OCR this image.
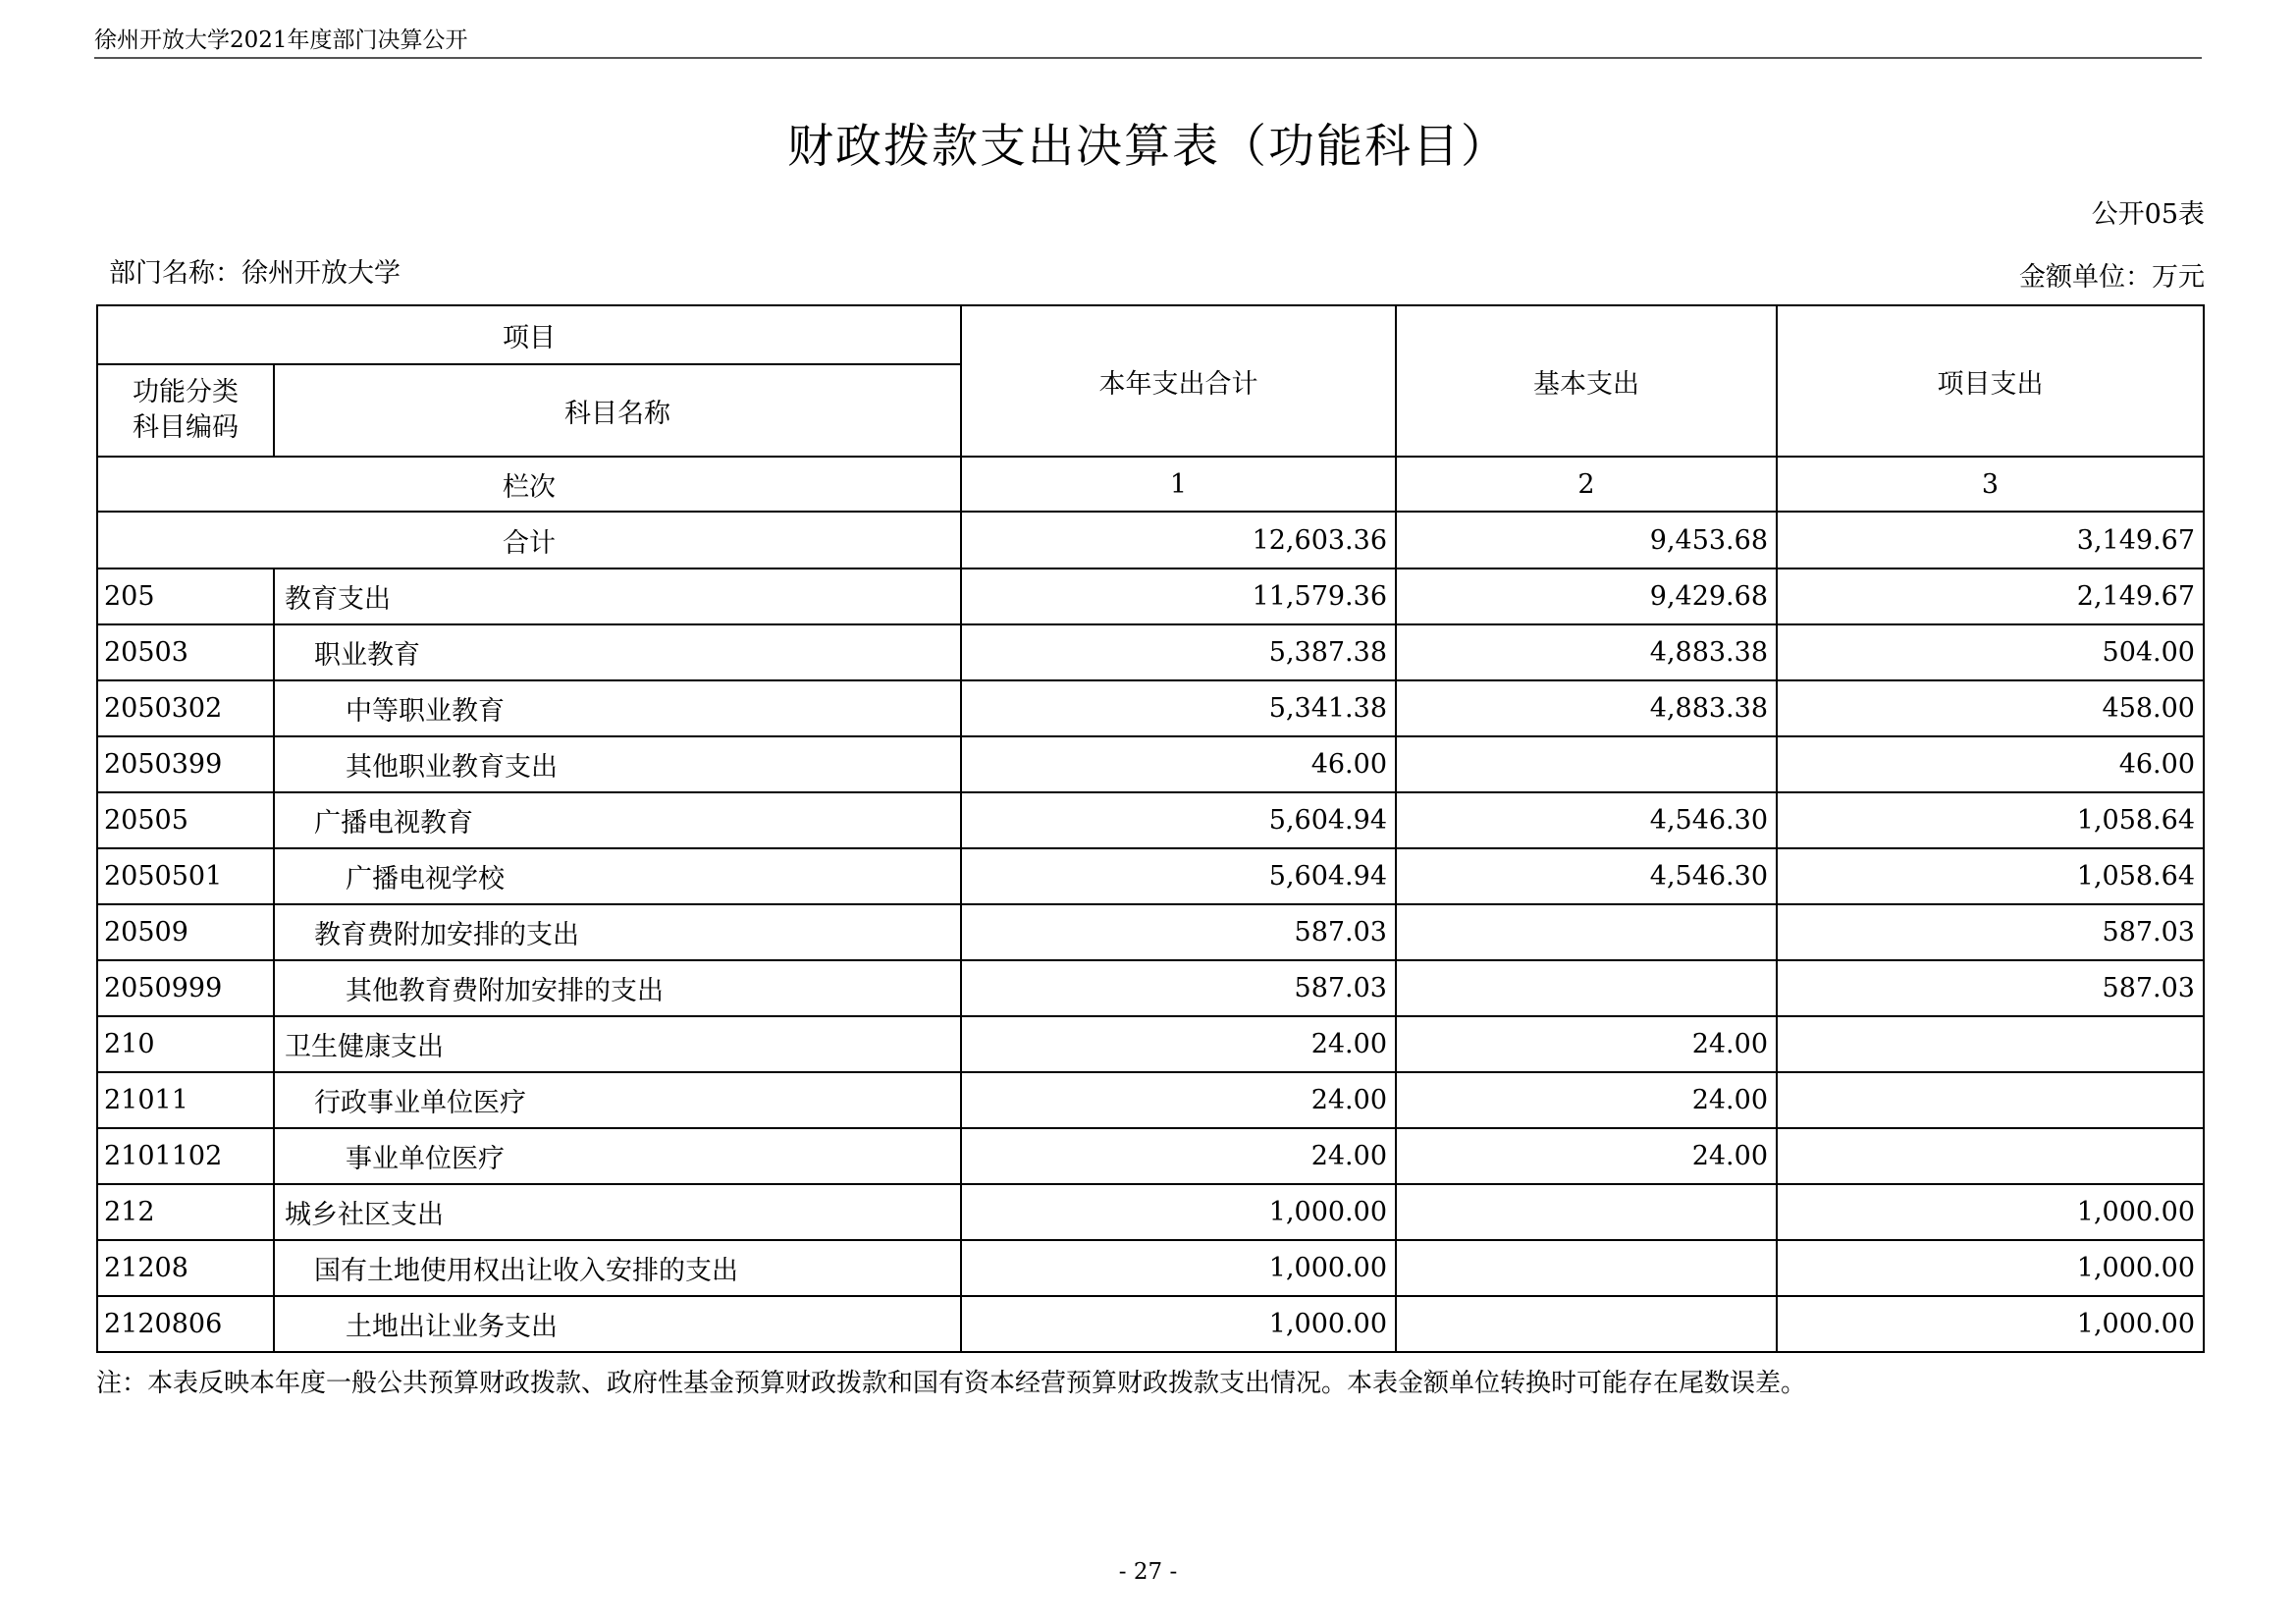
徐州开放大学2021年度部门决算公开
财政拨款支出决算表（功能科目）
公开05表
部门名称：徐州开放大学	金额单位：万元
项目		本年支出合计	基本支出	项目支出
功能分类
科目编码	科目名称			
栏次		1	2	3
合计		12,603.36	9,453.68	3,149.67
205	教育支出	11,579.36	9,429.68	2,149.67
20503	职业教育	5,387.38	4,883.38	504.00
2050302	中等职业教育	5,341.38	4,883.38	458.00
2050399	其他职业教育支出	46.00		46.00
20505	广播电视教育	5,604.94	4,546.30	1,058.64
2050501	广播电视学校	5,604.94	4,546.30	1,058.64
20509	教育费附加安排的支出	587.03		587.03
2050999	其他教育费附加安排的支出	587.03		587.03
210	卫生健康支出	24.00	24.00	
21011	行政事业单位医疗	24.00	24.00	
2101102	事业单位医疗	24.00	24.00	
212	城乡社区支出	1,000.00		1,000.00
21208	国有土地使用权出让收入安排的支出	1,000.00		1,000.00
2120806	土地出让业务支出	1,000.00		1,000.00
注：本表反映本年度一般公共预算财政拨款、政府性基金预算财政拨款和国有资本经营预算财政拨款支出情况。本表金额单位转换时可能存在尾数误差。
- 27 -
